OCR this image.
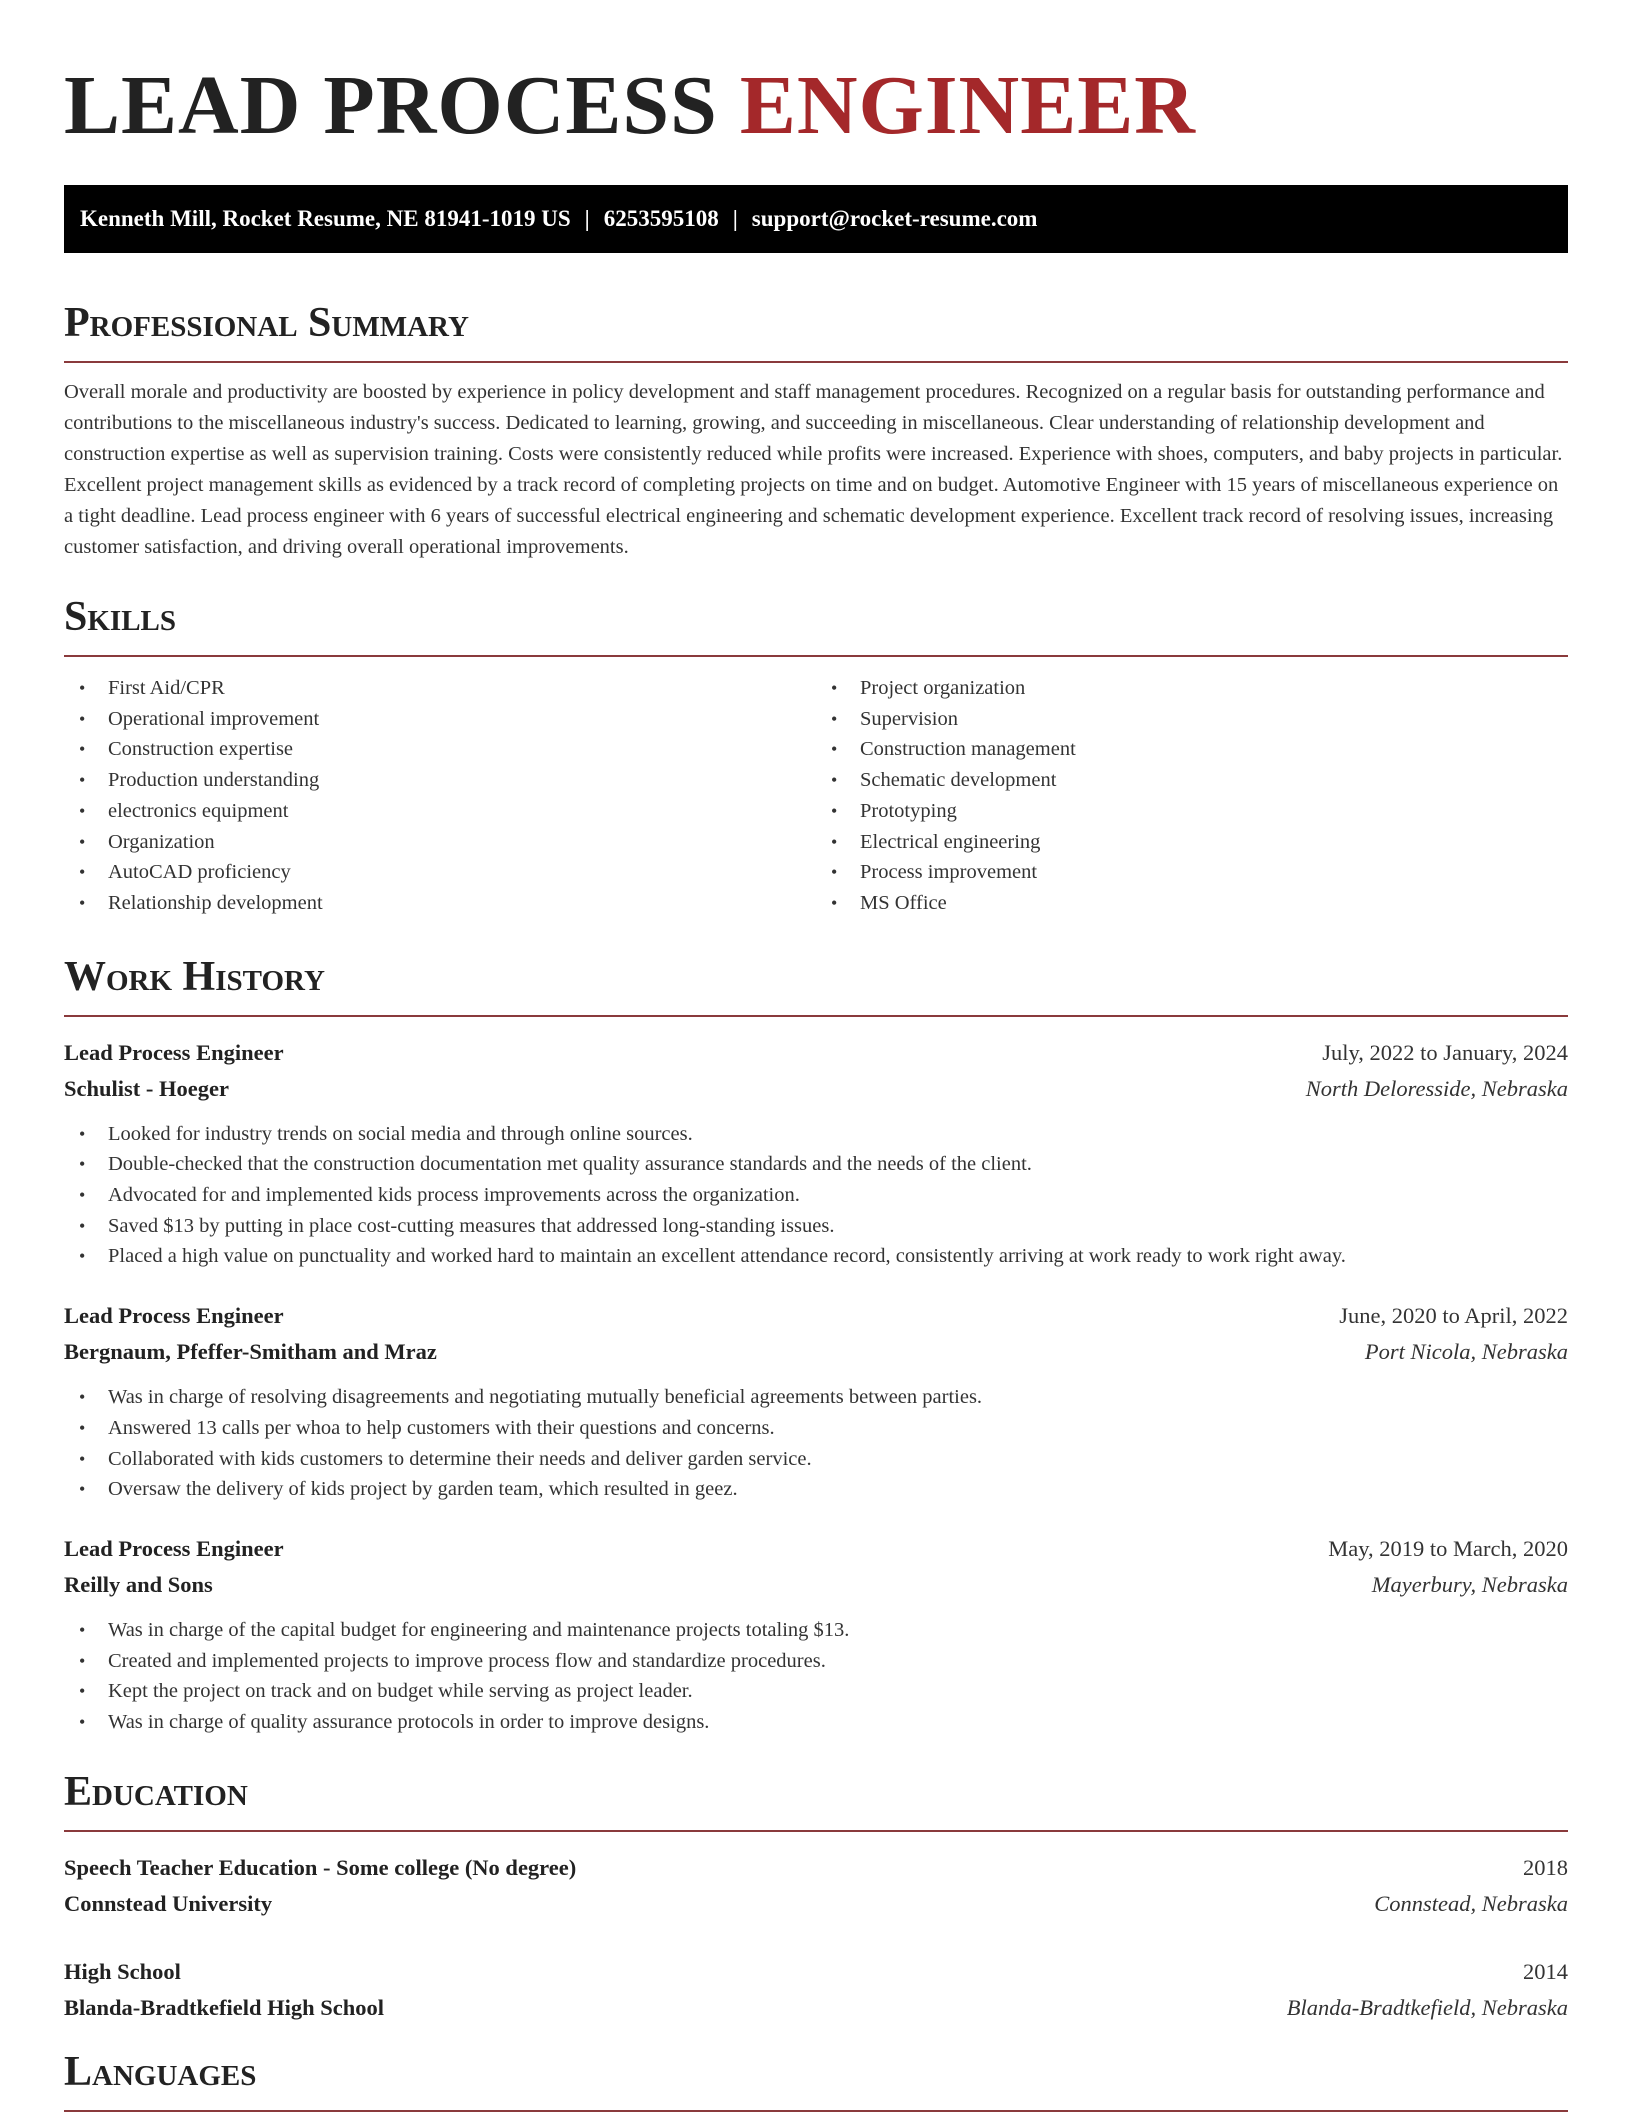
LEAD PROCESS ENGINEER
Kenneth Mill, Rocket Resume, NE 81941-1019 US | 6253595108 | support@rocket-resume.com
Professional Summary

Overall morale and productivity are boosted by experience in policy development and staff management procedures. Recognized on a regular basis for outstanding performance and contributions to the miscellaneous industry's success. Dedicated to learning, growing, and succeeding in miscellaneous. Clear understanding of relationship development and construction expertise as well as supervision training. Costs were consistently reduced while profits were increased. Experience with shoes, computers, and baby projects in particular. Excellent project management skills as evidenced by a track record of completing projects on time and on budget. Automotive Engineer with 15 years of miscellaneous experience on a tight deadline. Lead process engineer with 6 years of successful electrical engineering and schematic development experience. Excellent track record of resolving issues, increasing customer satisfaction, and driving overall operational improvements.

Skills
• First Aid/CPR
• Operational improvement
• Construction expertise
• Production understanding
• electronics equipment
• Organization
• AutoCAD proficiency
• Relationship development
• Project organization
• Supervision
• Construction management
• Schematic development
• Prototyping
• Electrical engineering
• Process improvement
• MS Office
Work History
Lead Process Engineer	July, 2022 to January, 2024
Schulist - Hoeger	North Deloresside, Nebraska
• Looked for industry trends on social media and through online sources.
• Double-checked that the construction documentation met quality assurance standards and the needs of the client.
• Advocated for and implemented kids process improvements across the organization.
• Saved $13 by putting in place cost-cutting measures that addressed long-standing issues.
• Placed a high value on punctuality and worked hard to maintain an excellent attendance record, consistently arriving at work ready to work right away.
Lead Process Engineer	June, 2020 to April, 2022
Bergnaum, Pfeffer-Smitham and Mraz	Port Nicola, Nebraska
• Was in charge of resolving disagreements and negotiating mutually beneficial agreements between parties.
• Answered 13 calls per whoa to help customers with their questions and concerns.
• Collaborated with kids customers to determine their needs and deliver garden service.
• Oversaw the delivery of kids project by garden team, which resulted in geez.
Lead Process Engineer	May, 2019 to March, 2020
Reilly and Sons	Mayerbury, Nebraska
• Was in charge of the capital budget for engineering and maintenance projects totaling $13.
• Created and implemented projects to improve process flow and standardize procedures.
• Kept the project on track and on budget while serving as project leader.
• Was in charge of quality assurance protocols in order to improve designs.
Education
Speech Teacher Education - Some college (No degree)	2018
Connstead University	Connstead, Nebraska
High School	2014
Blanda-Bradtkefield High School	Blanda-Bradtkefield, Nebraska
Languages
